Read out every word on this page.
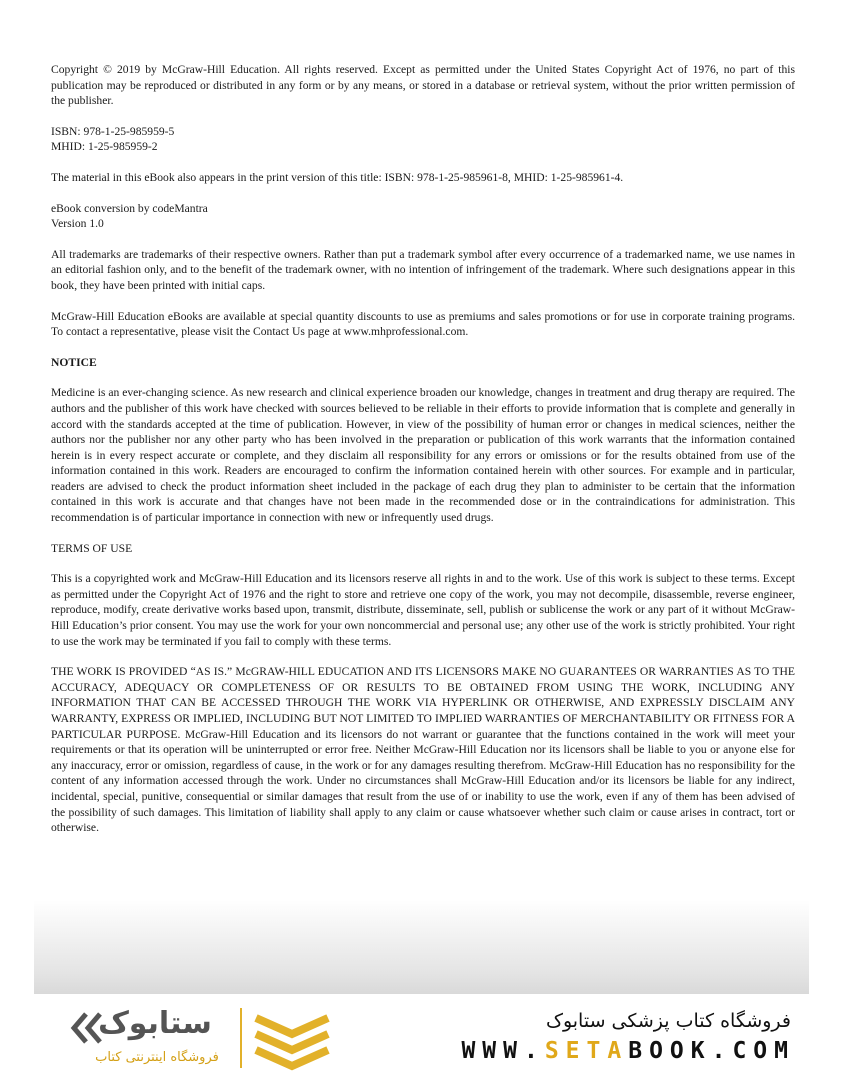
Copyright © 2019 by McGraw-Hill Education. All rights reserved. Except as permitted under the United States Copyright Act of 1976, no part of this publication may be reproduced or distributed in any form or by any means, or stored in a database or retrieval system, without the prior written permission of the publisher.

ISBN: 978-1-25-985959-5
MHID: 1-25-985959-2

The material in this eBook also appears in the print version of this title: ISBN: 978-1-25-985961-8, MHID: 1-25-985961-4.

eBook conversion by codeMantra
Version 1.0

All trademarks are trademarks of their respective owners. Rather than put a trademark symbol after every occurrence of a trademarked name, we use names in an editorial fashion only, and to the benefit of the trademark owner, with no intention of infringement of the trademark. Where such designations appear in this book, they have been printed with initial caps.

McGraw-Hill Education eBooks are available at special quantity discounts to use as premiums and sales promotions or for use in corporate training programs. To contact a representative, please visit the Contact Us page at www.mhprofessional.com.

NOTICE

Medicine is an ever-changing science. As new research and clinical experience broaden our knowledge, changes in treatment and drug therapy are required. The authors and the publisher of this work have checked with sources believed to be reliable in their efforts to provide information that is complete and generally in accord with the standards accepted at the time of publication. However, in view of the possibility of human error or changes in medical sciences, neither the authors nor the publisher nor any other party who has been involved in the preparation or publication of this work warrants that the information contained herein is in every respect accurate or complete, and they disclaim all responsibility for any errors or omissions or for the results obtained from use of the information contained in this work. Readers are encouraged to confirm the information contained herein with other sources. For example and in particular, readers are advised to check the product information sheet included in the package of each drug they plan to administer to be certain that the information contained in this work is accurate and that changes have not been made in the recommended dose or in the contraindications for administration. This recommendation is of particular importance in connection with new or infrequently used drugs.

TERMS OF USE

This is a copyrighted work and McGraw-Hill Education and its licensors reserve all rights in and to the work. Use of this work is subject to these terms. Except as permitted under the Copyright Act of 1976 and the right to store and retrieve one copy of the work, you may not decompile, disassemble, reverse engineer, reproduce, modify, create derivative works based upon, transmit, distribute, disseminate, sell, publish or sublicense the work or any part of it without McGraw-Hill Education’s prior consent. You may use the work for your own noncommercial and personal use; any other use of the work is strictly prohibited. Your right to use the work may be terminated if you fail to comply with these terms.

THE WORK IS PROVIDED “AS IS.” McGRAW-HILL EDUCATION AND ITS LICENSORS MAKE NO GUARANTEES OR WARRANTIES AS TO THE ACCURACY, ADEQUACY OR COMPLETENESS OF OR RESULTS TO BE OBTAINED FROM USING THE WORK, INCLUDING ANY INFORMATION THAT CAN BE ACCESSED THROUGH THE WORK VIA HYPERLINK OR OTHERWISE, AND EXPRESSLY DISCLAIM ANY WARRANTY, EXPRESS OR IMPLIED, INCLUDING BUT NOT LIMITED TO IMPLIED WARRANTIES OF MERCHANTABILITY OR FITNESS FOR A PARTICULAR PURPOSE. McGraw-Hill Education and its licensors do not warrant or guarantee that the functions contained in the work will meet your requirements or that its operation will be uninterrupted or error free. Neither McGraw-Hill Education nor its licensors shall be liable to you or anyone else for any inaccuracy, error or omission, regardless of cause, in the work or for any damages resulting therefrom. McGraw-Hill Education has no responsibility for the content of any information accessed through the work. Under no circumstances shall McGraw-Hill Education and/or its licensors be liable for any indirect, incidental, special, punitive, consequential or similar damages that result from the use of or inability to use the work, even if any of them has been advised of the possibility of such damages. This limitation of liability shall apply to any claim or cause whatsoever whether such claim or cause arises in contract, tort or otherwise.

ستابوک
فروشگاه اینترنتی کتاب
فروشگاه کتاب پزشکی ستابوک
WWW.SETABOOK.COM
